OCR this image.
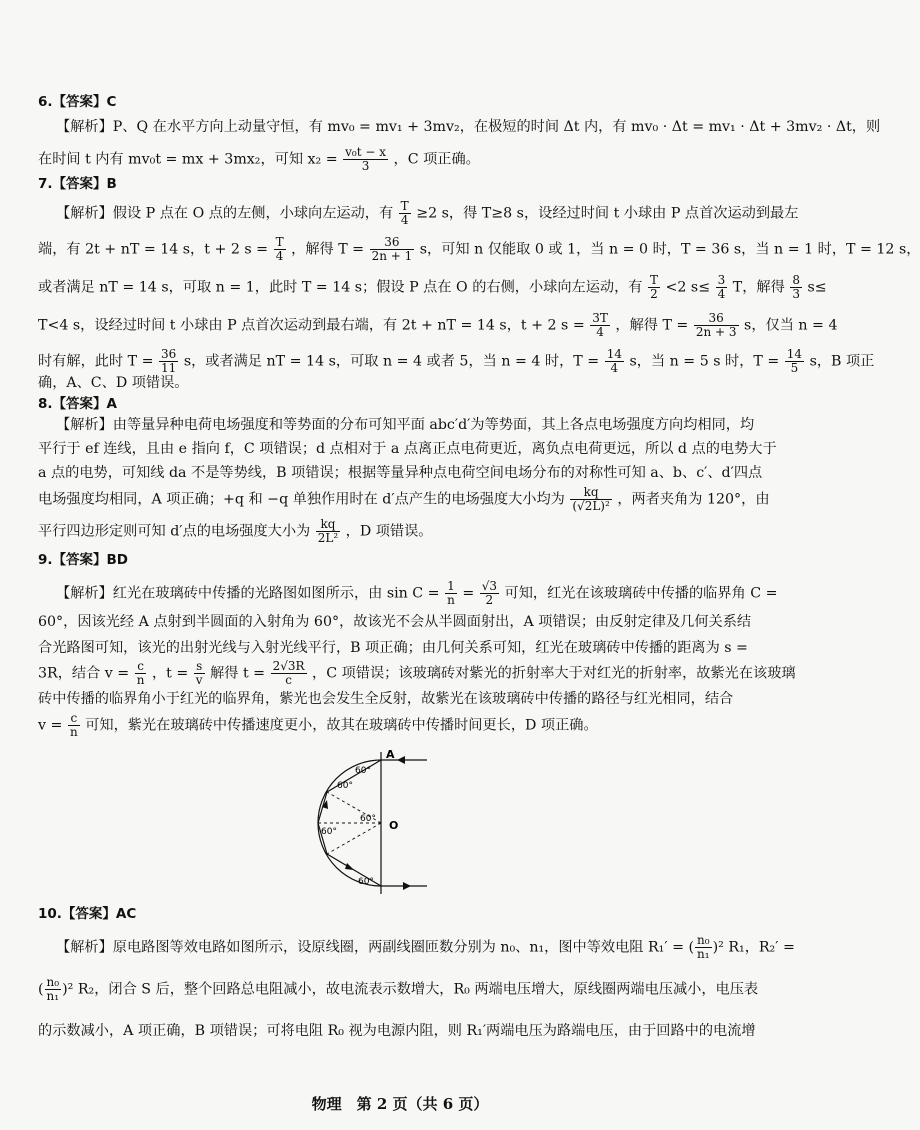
6.【答案】C
【解析】P、Q 在水平方向上动量守恒，有 mv₀ = mv₁ + 3mv₂，在极短的时间 Δt 内，有 mv₀ · Δt = mv₁ · Δt + 3mv₂ · Δt，则
在时间 t 内有 mv₀t = mx + 3mx₂，可知 $x_2 = \frac{\text{v₀t − x}}{3}$ ，C 项正确。
7.【答案】B
【解析】假设 P 点在 O 点的左侧，小球向左运动，有 $\frac{T}{4} \ge 2$ s，得 T≥8 s，设经过时间 t 小球由 P 点首次运动到最左
端，有 2t + nT = 14 s，t + 2 $s = \frac{T}{4}$ ，解得 $T = \frac{36}{2n + 1}$ s，可知 n 仅能取 0 或 1，当 n = 0 时，T = 36 s，当 n = 1 时，T = 12 s，
或者满足 nT = 14 s，可取 n = 1，此时 T = 14 s；假设 P 点在 O 的右侧，小球向左运动，有 $\frac{T}{2} <2$ $s\le \frac{3}{4}$ T，解得 $\frac{8}{3} s\le$
T<4 s，设经过时间 t 小球由 P 点首次运动到最右端，有 2t + nT = 14 s，t + 2 $s = \frac{3T}{4}$ ，解得 $T = \frac{36}{2n + 3}$ s，仅当 n = 4
时有解，此时 $T = \frac{36}{11}$ s，或者满足 nT = 14 s，可取 n = 4 或者 5，当 n = 4 时，$T = \frac{14}{4}$ s，当 n = 5 s 时，$T = \frac{14}{5}$ s，B 项正
确，A、C、D 项错误。
8.【答案】A
【解析】由等量异种电荷电场强度和等势面的分布可知平面 abc′d′为等势面，其上各点电场强度方向均相同，均
平行于 ef 连线，且由 e 指向 f，C 项错误；d 点相对于 a 点离正点电荷更近，离负点电荷更远，所以 d 点的电势大于
a 点的电势，可知线 da 不是等势线，B 项错误；根据等量异种点电荷空间电场分布的对称性可知 a、b、c′、d′四点
电场强度均相同，A 项正确；+q 和 −q 单独作用时在 d′点产生的电场强度大小均为 $\frac{kq}{\text{(√2L)²}}$ ，两者夹角为 120°，由
平行四边形定则可知 d′点的电场强度大小为 $\frac{kq}{\text{2L²}}$ ，D 项错误。
9.【答案】BD
【解析】红光在玻璃砖中传播的光路图如图所示，由 $\sin C = \frac{1}{n} = \frac{√3}{2}$ 可知，红光在该玻璃砖中传播的临界角 C =
60°，因该光经 A 点射到半圆面的入射角为 60°，故该光不会从半圆面射出，A 项错误；由反射定律及几何关系结
合光路图可知，该光的出射光线与入射光线平行，B 项正确；由几何关系可知，红光在玻璃砖中传播的距离为 s =
3R，结合 $v = \frac{c}{n}$ ，$t = \frac{s}{v}$ 解得 $t = \frac{2√3R}{c}$ ，C 项错误；该玻璃砖对紫光的折射率大于对红光的折射率，故紫光在该玻璃
砖中传播的临界角小于红光的临界角，紫光也会发生全反射，故紫光在该玻璃砖中传播的路径与红光相同，结合
$v = \frac{c}{n}$ 可知，紫光在玻璃砖中传播速度更小，故其在玻璃砖中传播时间更长，D 项正确。
A
O
60°
60°
60°
60°
60°
10.【答案】AC
【解析】原电路图等效电路如图所示，设原线圈，两副线圈匝数分别为 n₀、n₁，图中等效电阻 R₁′ = ( $\frac{\text{n₀}}{\text{n₁}} )^2$ R₁，R₂′ =
( $\frac{\text{n₀}}{\text{n₁}} )^2$ R₂，闭合 S 后，整个回路总电阻减小，故电流表示数增大，R₀ 两端电压增大，原线圈两端电压减小，电压表
的示数减小，A 项正确，B 项错误；可将电阻 R₀ 视为电源内阻，则 R₁′两端电压为路端电压，由于回路中的电流增
物理　第 2 页（共 6 页）
